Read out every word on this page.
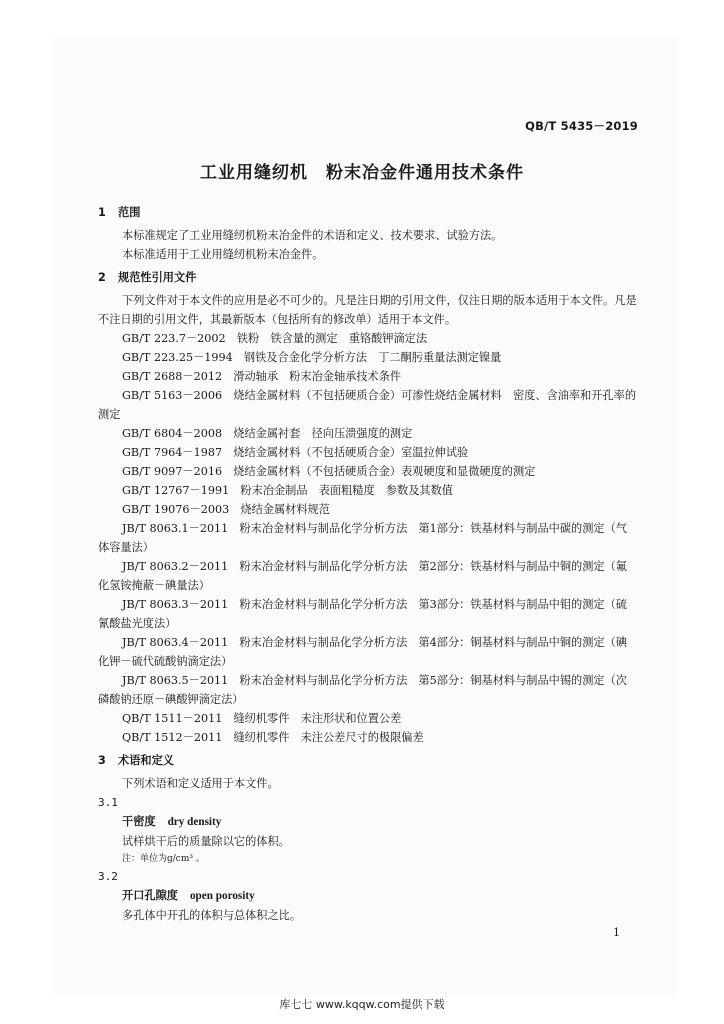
QB/T 5435－2019
工业用缝纫机　粉末冶金件通用技术条件
1 范围
本标准规定了工业用缝纫机粉末冶金件的术语和定义、技术要求、试验方法。
本标准适用于工业用缝纫机粉末冶金件。
2 规范性引用文件
下列文件对于本文件的应用是必不可少的。凡是注日期的引用文件，仅注日期的版本适用于本文件。凡是不注日期的引用文件，其最新版本（包括所有的修改单）适用于本文件。
GB/T 223.7－2002　铁粉　铁含量的测定　重铬酸钾滴定法
GB/T 223.25－1994　钢铁及合金化学分析方法　丁二酮肟重量法测定镍量
GB/T 2688－2012　滑动轴承　粉末冶金轴承技术条件
GB/T 5163－2006　烧结金属材料（不包括硬质合金）可渗性烧结金属材料　密度、含油率和开孔率的测定
GB/T 6804－2008　烧结金属衬套　径向压溃强度的测定
GB/T 7964－1987　烧结金属材料（不包括硬质合金）室温拉伸试验
GB/T 9097－2016　烧结金属材料（不包括硬质合金）表观硬度和显微硬度的测定
GB/T 12767－1991　粉末冶金制品　表面粗糙度　参数及其数值
GB/T 19076－2003　烧结金属材料规范
JB/T 8063.1－2011　粉末冶金材料与制品化学分析方法　第1部分：铁基材料与制品中碳的测定（气体容量法）
JB/T 8063.2－2011　粉末冶金材料与制品化学分析方法　第2部分：铁基材料与制品中铜的测定（氟化氢铵掩蔽－碘量法）
JB/T 8063.3－2011　粉末冶金材料与制品化学分析方法　第3部分：铁基材料与制品中钼的测定（硫氰酸盐光度法）
JB/T 8063.4－2011　粉末冶金材料与制品化学分析方法　第4部分：铜基材料与制品中铜的测定（碘化钾－硫代硫酸钠滴定法）
JB/T 8063.5－2011　粉末冶金材料与制品化学分析方法　第5部分：铜基材料与制品中锡的测定（次磷酸钠还原－碘酸钾滴定法）
QB/T 1511－2011　缝纫机零件　未注形状和位置公差
QB/T 1512－2011　缝纫机零件　未注公差尺寸的极限偏差
3 术语和定义
下列术语和定义适用于本文件。
3.1
干密度 dry density
试样烘干后的质量除以它的体积。
注：单位为g/cm³ 。
3.2
开口孔隙度 open porosity
多孔体中开孔的体积与总体积之比。
1
库七七 www.kqqw.com提供下载
